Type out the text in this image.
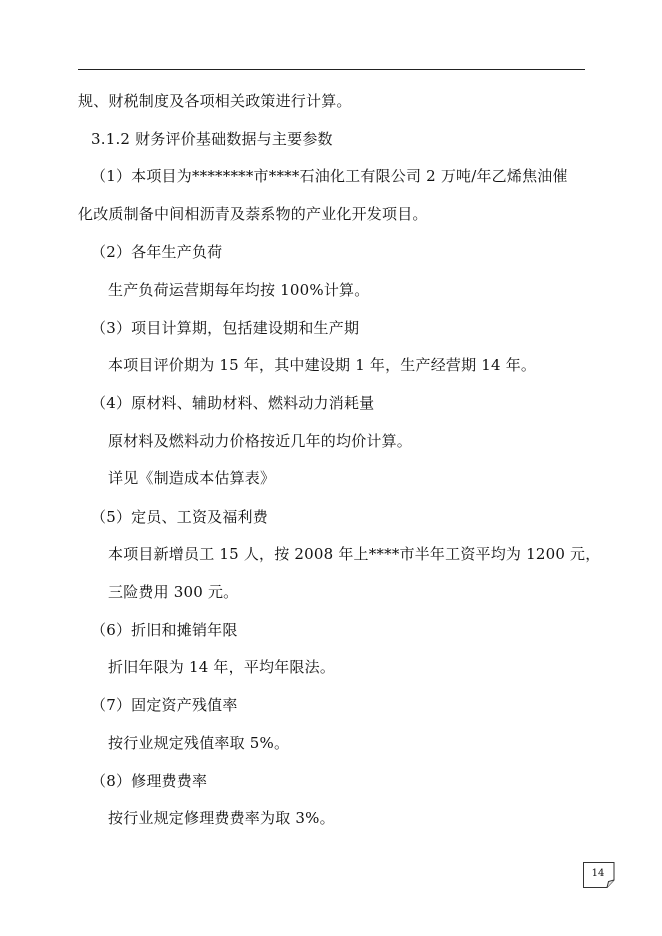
规、财税制度及各项相关政策进行计算。
3.1.2 财务评价基础数据与主要参数
（1）本项目为********市****石油化工有限公司 2 万吨/年乙烯焦油催
化改质制备中间相沥青及萘系物的产业化开发项目。
（2）各年生产负荷
生产负荷运营期每年均按 100%计算。
（3）项目计算期，包括建设期和生产期
本项目评价期为 15 年，其中建设期 1 年，生产经营期 14 年。
（4）原材料、辅助材料、燃料动力消耗量
原材料及燃料动力价格按近几年的均价计算。
详见《制造成本估算表》
（5）定员、工资及福利费
本项目新增员工 15 人，按 2008 年上****市半年工资平均为 1200 元，
三险费用 300 元。
（6）折旧和摊销年限
折旧年限为 14 年，平均年限法。
（7）固定资产残值率
按行业规定残值率取 5%。
（8）修理费费率
按行业规定修理费费率为取 3%。
14
